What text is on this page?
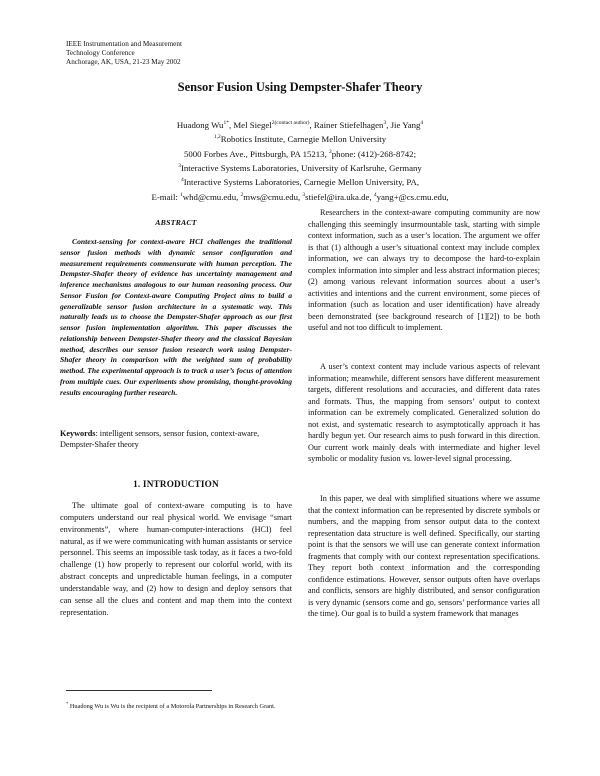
IEEE Instrumentation and Measurement
Technology Conference
Anchorage, AK, USA, 21-23 May 2002
Sensor Fusion Using Dempster-Shafer Theory
Huadong $Wu^{1*}$, Mel Siegel$^{2(contact author)}$, Rainer Stiefelhagen$^3$, Jie Yang$^4$
$^{1,2}$Robotics Institute, Carnegie Mellon University
5000 Forbes Ave., Pittsburgh, PA 15213, $^2$phone: (412)-268-8742;
$^3$Interactive Systems Laboratories, University of Karlsruhe, Germany
$^4$Interactive Systems Laboratories, Carnegie Mellon University, PA,
E-mail: $^1$whd@cmu.edu, $^2$mws@cmu.edu, $^3$stiefel@ira.uka.de, $^4$yang+@cs.cmu.edu,
ABSTRACT

Context-sensing for context-aware HCI challenges the traditional sensor fusion methods with dynamic sensor configuration and measurement requirements commensurate with human perception. The Dempster-Shafer theory of evidence has uncertainty management and inference mechanisms analogous to our human reasoning process. Our Sensor Fusion for Context-aware Computing Project aims to build a generalizable sensor fusion architecture in a systematic way. This naturally leads us to choose the Dempster-Shafer approach as our first sensor fusion implementation algorithm. This paper discusses the relationship between Dempster-Shafer theory and the classical Bayesian method, describes our sensor fusion research work using Dempster-Shafer theory in comparison with the weighted sum of probability method. The experimental approach is to track a user’s focus of attention from multiple cues. Our experiments show promising, thought-provoking results encouraging further research.

Keywords: intelligent sensors, sensor fusion, context-aware, Dempster-Shafer theory

1. INTRODUCTION

The ultimate goal of context-aware computing is to have computers understand our real physical world. We envisage “smart environments”, where human-computer-interactions (HCI) feel natural, as if we were communicating with human assistants or service personnel. This seems an impossible task today, as it faces a two-fold challenge (1) how properly to represent our colorful world, with its abstract concepts and unpredictable human feelings, in a computer understandable way, and (2) how to design and deploy sensors that can sense all the clues and content and map them into the context representation.

Researchers in the context-aware computing community are now challenging this seemingly insurmountable task, starting with simple context information, such as a user’s location. The argument we offer is that (1) although a user’s situational context may include complex information, we can always try to decompose the hard-to-explain complex information into simpler and less abstract information pieces; (2) among various relevant information sources about a user’s activities and intentions and the current environment, some pieces of information (such as location and user identification) have already been demonstrated (see background research of [1][2]) to be both useful and not too difficult to implement.

A user’s context content may include various aspects of relevant information; meanwhile, different sensors have different measurement targets, different resolutions and accuracies, and different data rates and formats. Thus, the mapping from sensors’ output to context information can be extremely complicated. Generalized solution do not exist, and systematic research to asymptotically approach it has hardly begun yet. Our research aims to push forward in this direction. Our current work mainly deals with intermediate and higher level symbolic or modality fusion vs. lower-level signal processing.

In this paper, we deal with simplified situations where we assume that the context information can be represented by discrete symbols or numbers, and the mapping from sensor output data to the context representation data structure is well defined. Specifically, our starting point is that the sensors we will use can generate context information fragments that comply with our context representation specifications. They report both context information and the corresponding confidence estimations. However, sensor outputs often have overlaps and conflicts, sensors are highly distributed, and sensor configuration is very dynamic (sensors come and go, sensors’ performance varies all the time). Our goal is to build a system framework that manages

* Huadong Wu is Wu is the recipient of a Motorola Partnerships in Research Grant.
